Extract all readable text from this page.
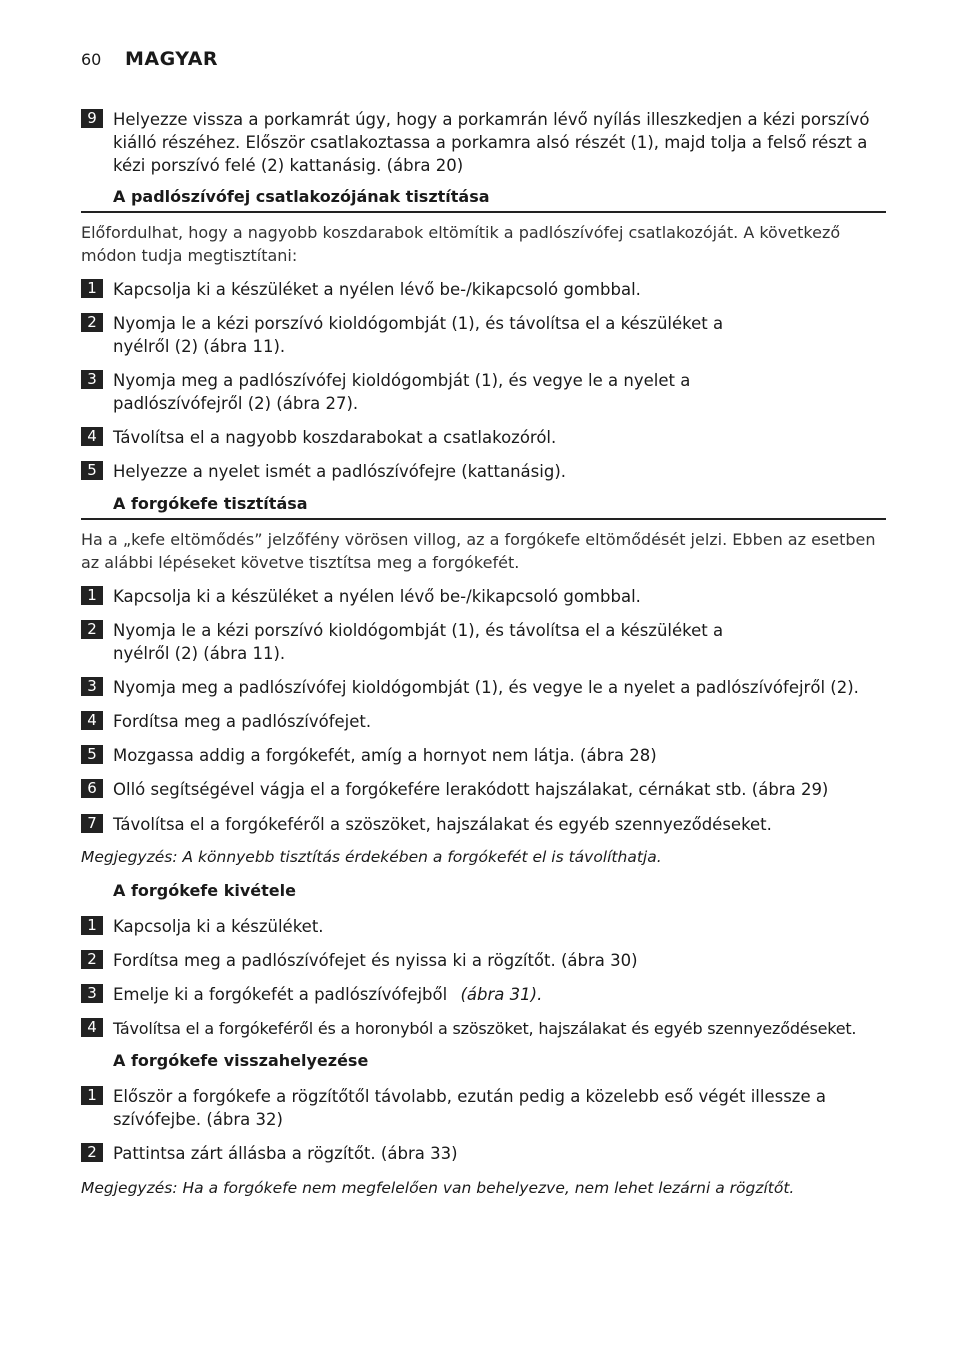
60	MAGYAR
9 Helyezze vissza a porkamrát úgy, hogy a porkamrán lévő nyílás illeszkedjen a kézi porszívó kiálló részéhez. Először csatlakoztassa a porkamra alsó részét (1), majd tolja a felső részt a kézi porszívó felé (2) kattanásig. (ábra 20)
A padlószívófej csatlakozójának tisztítása
Előfordulhat, hogy a nagyobb koszdarabok eltömítik a padlószívófej csatlakozóját. A következő módon tudja megtisztítani:
1 Kapcsolja ki a készüléket a nyélen lévő be-/kikapcsoló gombbal.
2 Nyomja le a kézi porszívó kioldógombját (1), és távolítsa el a készüléket a nyélről (2) (ábra 11).
3 Nyomja meg a padlószívófej kioldógombját (1), és vegye le a nyelet a padlószívófejről (2) (ábra 27).
4 Távolítsa el a nagyobb koszdarabokat a csatlakozóról.
5 Helyezze a nyelet ismét a padlószívófejre (kattanásig).
A forgókefe tisztítása
Ha a „kefe eltömődés” jelzőfény vörösen villog, az a forgókefe eltömődését jelzi. Ebben az esetben az alábbi lépéseket követve tisztítsa meg a forgókefét.
1 Kapcsolja ki a készüléket a nyélen lévő be-/kikapcsoló gombbal.
2 Nyomja le a kézi porszívó kioldógombját (1), és távolítsa el a készüléket a nyélről (2) (ábra 11).
3 Nyomja meg a padlószívófej kioldógombját (1), és vegye le a nyelet a padlószívófejről (2).
4 Fordítsa meg a padlószívófejet.
5 Mozgassa addig a forgókefét, amíg a hornyot nem látja. (ábra 28)
6 Olló segítségével vágja el a forgókefére lerakódott hajszálakat, cérnákat stb. (ábra 29)
7 Távolítsa el a forgókeféről a szöszöket, hajszálakat és egyéb szennyeződéseket.
Megjegyzés: A könnyebb tisztítás érdekében a forgókefét el is távolíthatja.
A forgókefe kivétele
1 Kapcsolja ki a készüléket.
2 Fordítsa meg a padlószívófejet és nyissa ki a rögzítőt. (ábra 30)
3 Emelje ki a forgókefét a padlószívófejből (ábra 31).
4	Távolítsa el a forgókeféről és a horonyból a szöszöket, hajszálakat és egyéb szennyeződéseket.
A forgókefe visszahelyezése
1 Először a forgókefe a rögzítőtől távolabb, ezután pedig a közelebb eső végét illessze a szívófejbe. (ábra 32)
2 Pattintsa zárt állásba a rögzítőt. (ábra 33)
Megjegyzés: Ha a forgókefe nem megfelelően van behelyezve, nem lehet lezárni a rögzítőt.
